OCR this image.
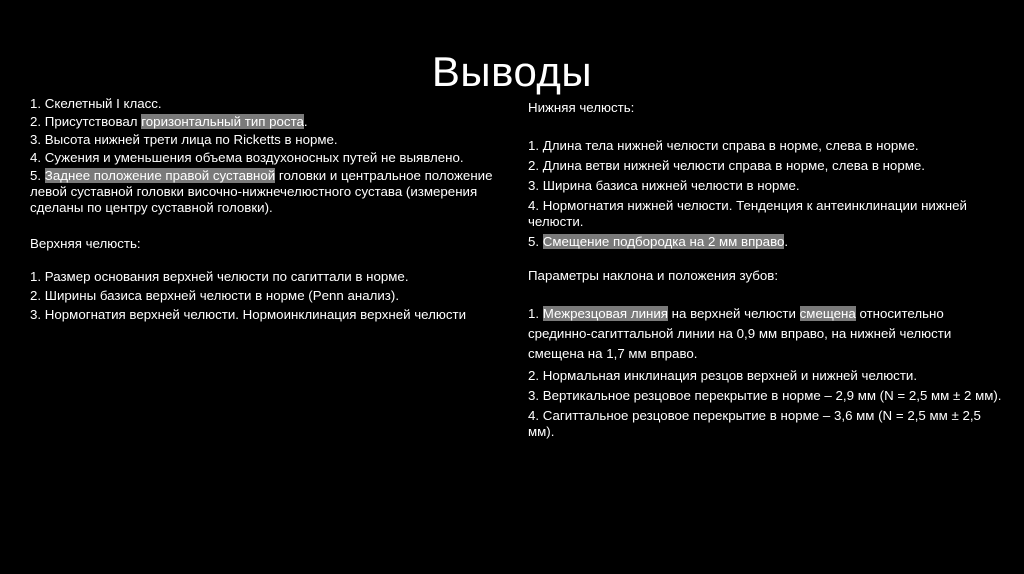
Выводы
1. Скелетный I класс.
2. Присутствовал горизонтальный тип роста.
3. Высота нижней трети лица по Ricketts в норме.
4. Сужения и уменьшения объема воздухоносных путей не выявлено.
5. Заднее положение правой суставной головки и центральное положение левой суставной головки височно-нижнечелюстного сустава (измерения сделаны по центру суставной головки).
Верхняя челюсть:
1. Размер основания верхней челюсти по сагиттали в норме.
2. Ширины базиса верхней челюсти в норме (Penn анализ).
3. Нормогнатия верхней челюсти. Нормоинклинация верхней челюсти
Нижняя челюсть:
1. Длина тела нижней челюсти справа в норме, слева в норме.
2. Длина ветви нижней челюсти справа в норме, слева в норме.
3. Ширина базиса нижней челюсти в норме.
4. Нормогнатия нижней челюсти. Тенденция к антеинклинации нижней челюсти.
5. Смещение подбородка на 2 мм вправо.
Параметры наклона и положения зубов:
1. Межрезцовая линия на верхней челюсти смещена относительно срединно-сагиттальной линии на 0,9 мм вправо, на нижней челюсти смещена на 1,7 мм вправо.
2. Нормальная инклинация резцов верхней и нижней челюсти.
3. Вертикальное резцовое перекрытие в норме – 2,9 мм (N = 2,5 мм ± 2 мм).
4. Сагиттальное резцовое перекрытие в норме – 3,6 мм (N = 2,5 мм ± 2,5 мм).
